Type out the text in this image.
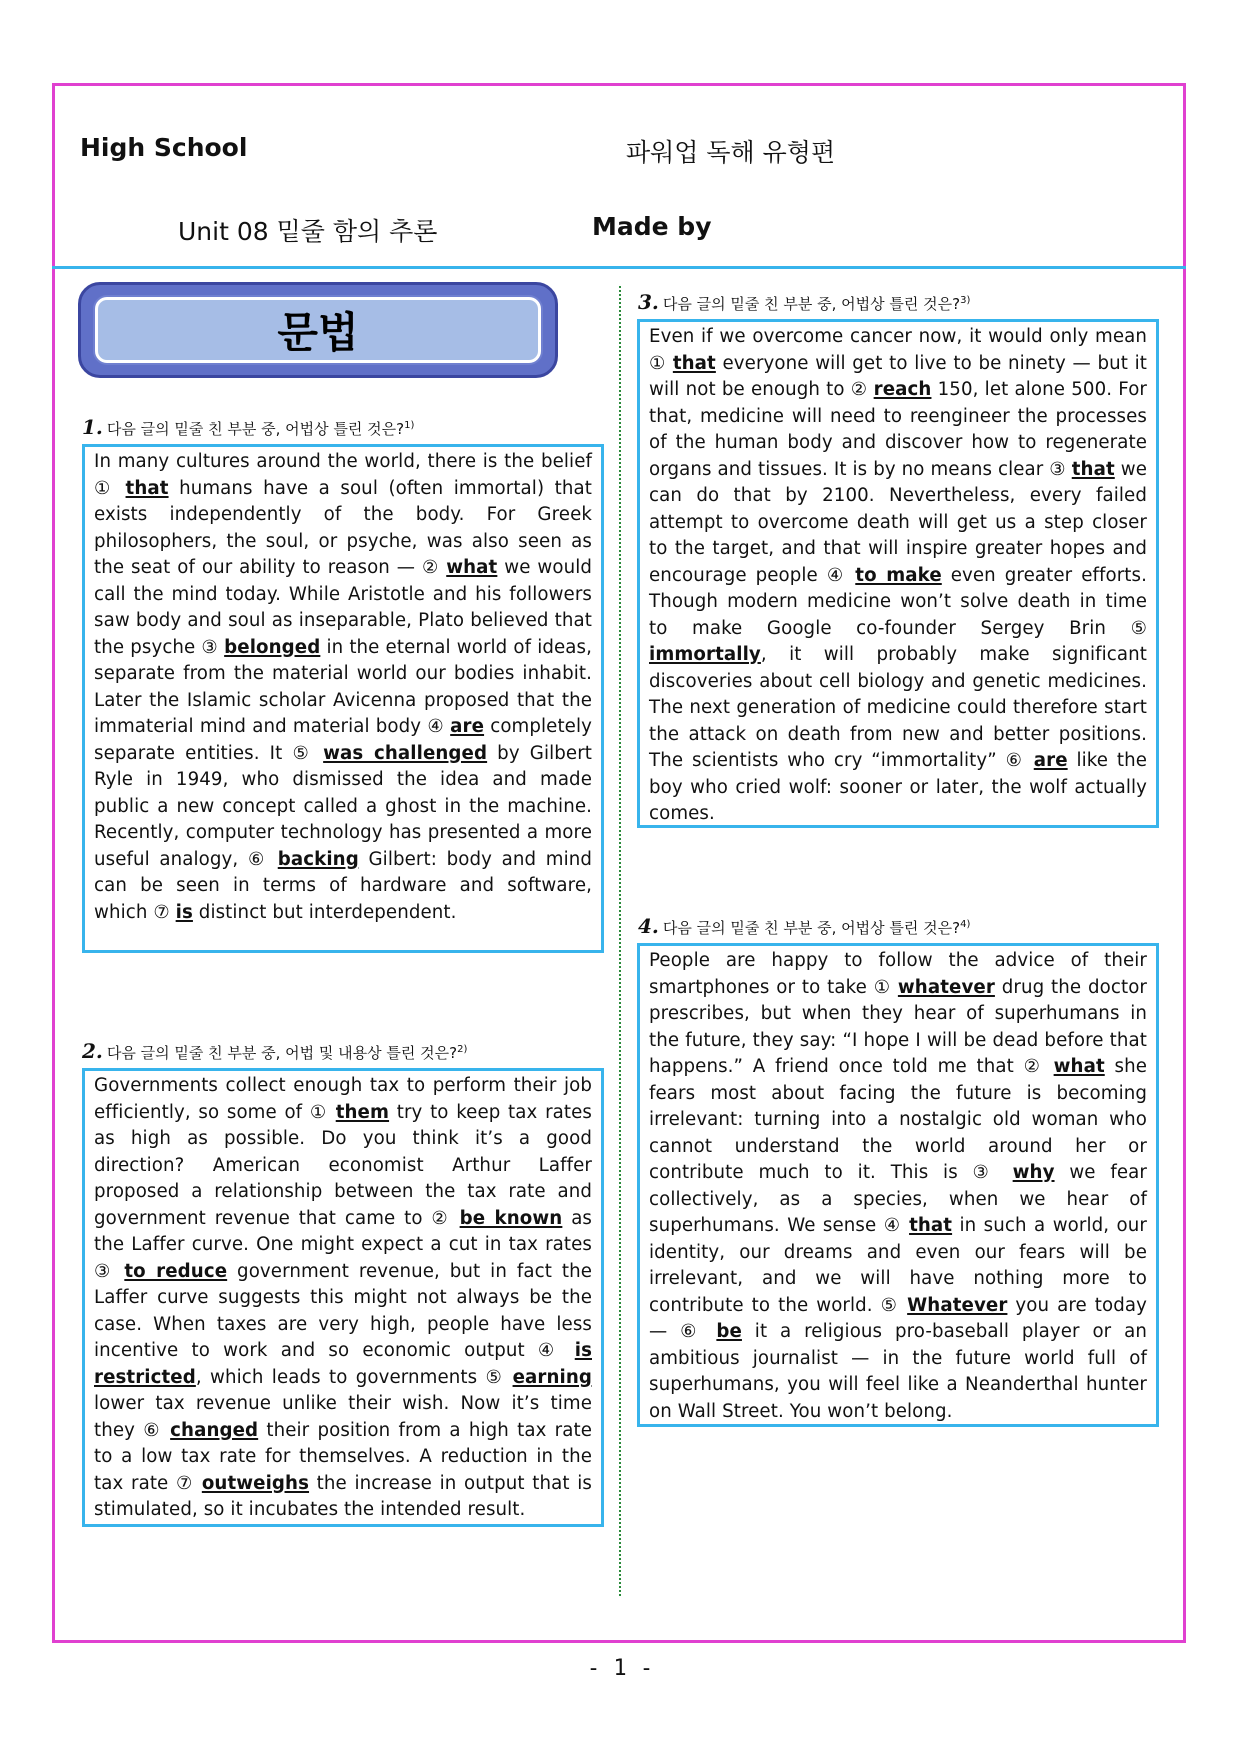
High School	파워업 독해 유형편
Unit 08 밑줄 함의 추론	Made by
문법
1. 다음 글의 밑줄 친 부분 중, 어법상 틀린 것은?$^{1)}$
In many cultures around the world, there is the belief ① that humans have a soul (often immortal) that exists independently of the body. For Greek philosophers, the soul, or psyche, was also seen as the seat of our ability to reason — ② what we would call the mind today. While Aristotle and his followers saw body and soul as inseparable, Plato believed that the psyche ③ belonged in the eternal world of ideas, separate from the material world our bodies inhabit. Later the Islamic scholar Avicenna proposed that the immaterial mind and material body ④ are completely separate entities. It ⑤ was challenged by Gilbert Ryle in 1949, who dismissed the idea and made public a new concept called a ghost in the machine. Recently, computer technology has presented a more useful analogy, ⑥ backing Gilbert: body and mind can be seen in terms of hardware and software, which ⑦ is distinct but interdependent.
2. 다음 글의 밑줄 친 부분 중, 어법 및 내용상 틀린 것은?$^{2)}$
Governments collect enough tax to perform their job efficiently, so some of ① them try to keep tax rates as high as possible. Do you think it’s a good direction? American economist Arthur Laffer proposed a relationship between the tax rate and government revenue that came to ② be known as the Laffer curve. One might expect a cut in tax rates ③ to reduce government revenue, but in fact the Laffer curve suggests this might not always be the case. When taxes are very high, people have less incentive to work and so economic output ④ is restricted, which leads to governments ⑤ earning lower tax revenue unlike their wish. Now it’s time they ⑥ changed their position from a high tax rate to a low tax rate for themselves. A reduction in the tax rate ⑦ outweighs the increase in output that is stimulated, so it incubates the intended result.
3. 다음 글의 밑줄 친 부분 중, 어법상 틀린 것은?$^{3)}$
Even if we overcome cancer now, it would only mean ① that everyone will get to live to be ninety — but it will not be enough to ② reach 150, let alone 500. For that, medicine will need to reengineer the processes of the human body and discover how to regenerate organs and tissues. It is by no means clear ③ that we can do that by 2100. Nevertheless, every failed attempt to overcome death will get us a step closer to the target, and that will inspire greater hopes and encourage people ④ to make even greater efforts. Though modern medicine won’t solve death in time to make Google co-founder Sergey Brin ⑤ immortally, it will probably make significant discoveries about cell biology and genetic medicines. The next generation of medicine could therefore start the attack on death from new and better positions. The scientists who cry “immortality” ⑥ are like the boy who cried wolf: sooner or later, the wolf actually comes.
4. 다음 글의 밑줄 친 부분 중, 어법상 틀린 것은?$^{4)}$
People are happy to follow the advice of their smartphones or to take ① whatever drug the doctor prescribes, but when they hear of superhumans in the future, they say: “I hope I will be dead before that happens.” A friend once told me that ② what she fears most about facing the future is becoming irrelevant: turning into a nostalgic old woman who cannot understand the world around her or contribute much to it. This is ③ why we fear collectively, as a species, when we hear of superhumans. We sense ④ that in such a world, our identity, our dreams and even our fears will be irrelevant, and we will have nothing more to contribute to the world. ⑤ Whatever you are today — ⑥ be it a religious pro-baseball player or an ambitious journalist — in the future world full of superhumans, you will feel like a Neanderthal hunter on Wall Street. You won’t belong.
- 1 -
